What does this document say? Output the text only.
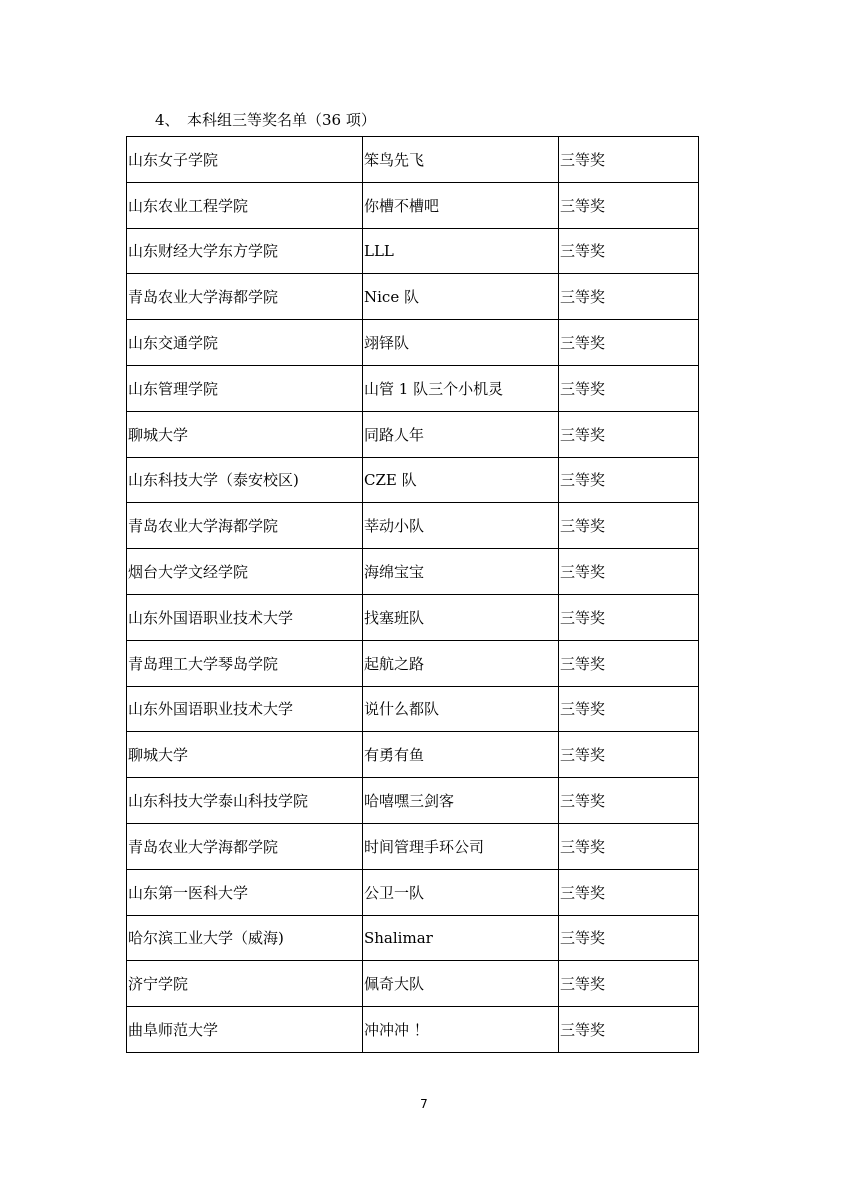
4、 本科组三等奖名单（36 项）
山东女子学院	笨鸟先飞	三等奖
山东农业工程学院	你槽不槽吧	三等奖
山东财经大学东方学院	LLL	三等奖
青岛农业大学海都学院	Nice 队	三等奖
山东交通学院	翊铎队	三等奖
山东管理学院	山管 1 队三个小机灵	三等奖
聊城大学	同路人年	三等奖
山东科技大学（泰安校区)	CZE 队	三等奖
青岛农业大学海都学院	莘动小队	三等奖
烟台大学文经学院	海绵宝宝	三等奖
山东外国语职业技术大学	找塞班队	三等奖
青岛理工大学琴岛学院	起航之路	三等奖
山东外国语职业技术大学	说什么都队	三等奖
聊城大学	有勇有鱼	三等奖
山东科技大学泰山科技学院	哈嘻嘿三剑客	三等奖
青岛农业大学海都学院	时间管理手环公司	三等奖
山东第一医科大学	公卫一队	三等奖
哈尔滨工业大学（威海)	Shalimar	三等奖
济宁学院	佩奇大队	三等奖
曲阜师范大学	冲冲冲 ！	三等奖
7
